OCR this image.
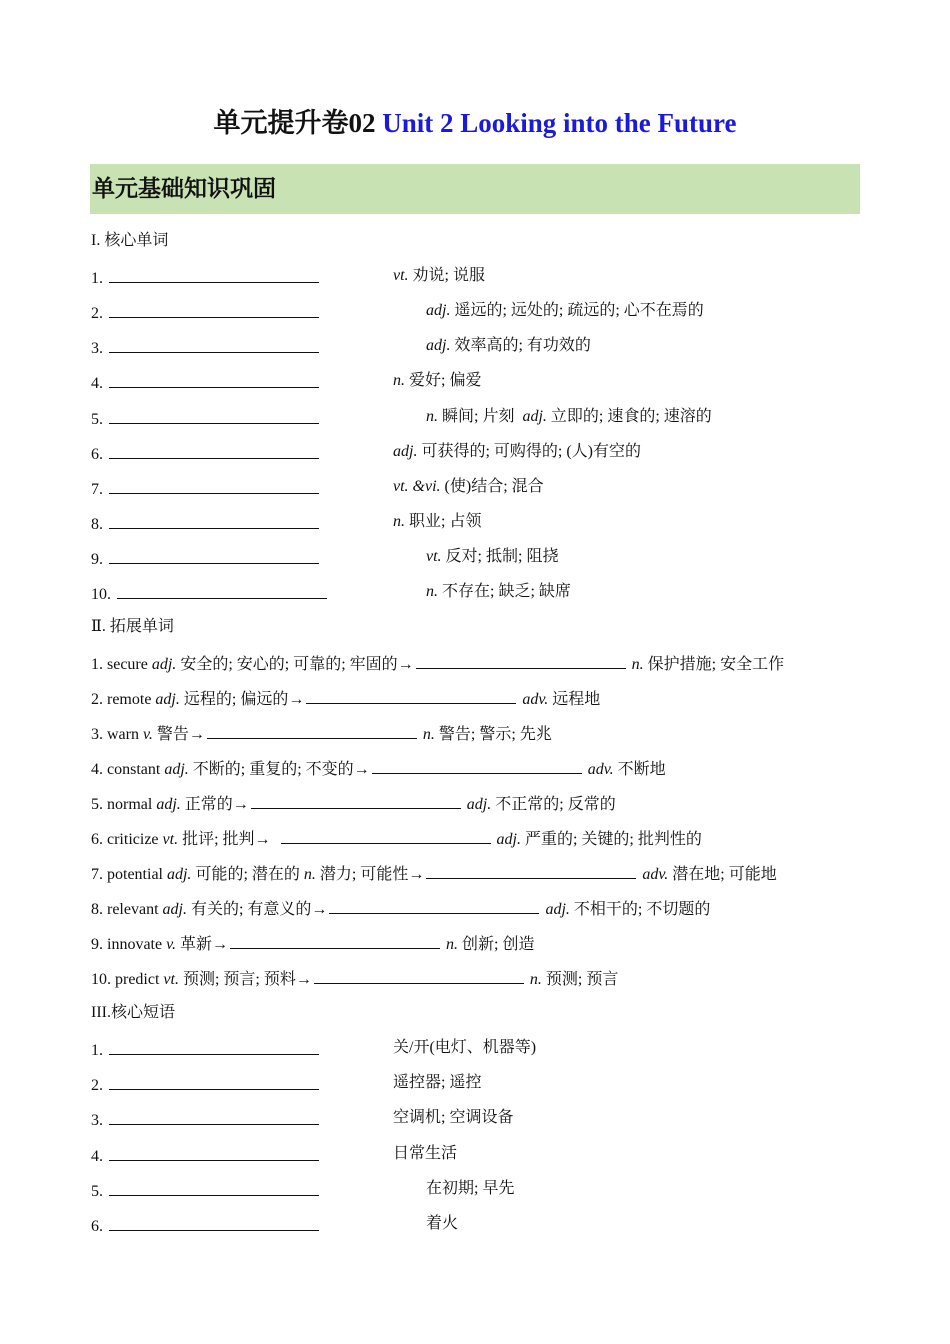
单元提升卷02 Unit 2 Looking into the Future
单元基础知识巩固
I. 核心单词
1.	vt. 劝说; 说服
2.	adj. 遥远的; 远处的; 疏远的; 心不在焉的
3.	adj. 效率高的; 有功效的
4.	n. 爱好; 偏爱
5.	n. 瞬间; 片刻  adj. 立即的; 速食的; 速溶的
6.	adj. 可获得的; 可购得的; (人)有空的
7.	vt. &vi. (使)结合; 混合
8.	n. 职业; 占领
9.	vt. 反对; 抵制; 阻挠
10.	n. 不存在; 缺乏; 缺席
Ⅱ. 拓展单词
1. secure adj. 安全的; 安心的; 可靠的; 牢固的→	n. 保护措施; 安全工作
2. remote adj. 远程的; 偏远的→	adv. 远程地
3. warn v. 警告→	n. 警告; 警示; 先兆
4. constant adj. 不断的; 重复的; 不变的→	adv. 不断地
5. normal adj. 正常的→	adj. 不正常的; 反常的
6. criticize vt. 批评; 批判→	adj. 严重的; 关键的; 批判性的
7. potential adj. 可能的; 潜在的 n. 潜力; 可能性→	adv. 潜在地; 可能地
8. relevant adj. 有关的; 有意义的→	adj. 不相干的; 不切题的
9. innovate v. 革新→	n. 创新; 创造
10. predict vt. 预测; 预言; 预料→	n. 预测; 预言
III.核心短语
1.	关/开(电灯、机器等)
2.	遥控器; 遥控
3.	空调机; 空调设备
4.	日常生活
5.	在初期; 早先
6.	着火
